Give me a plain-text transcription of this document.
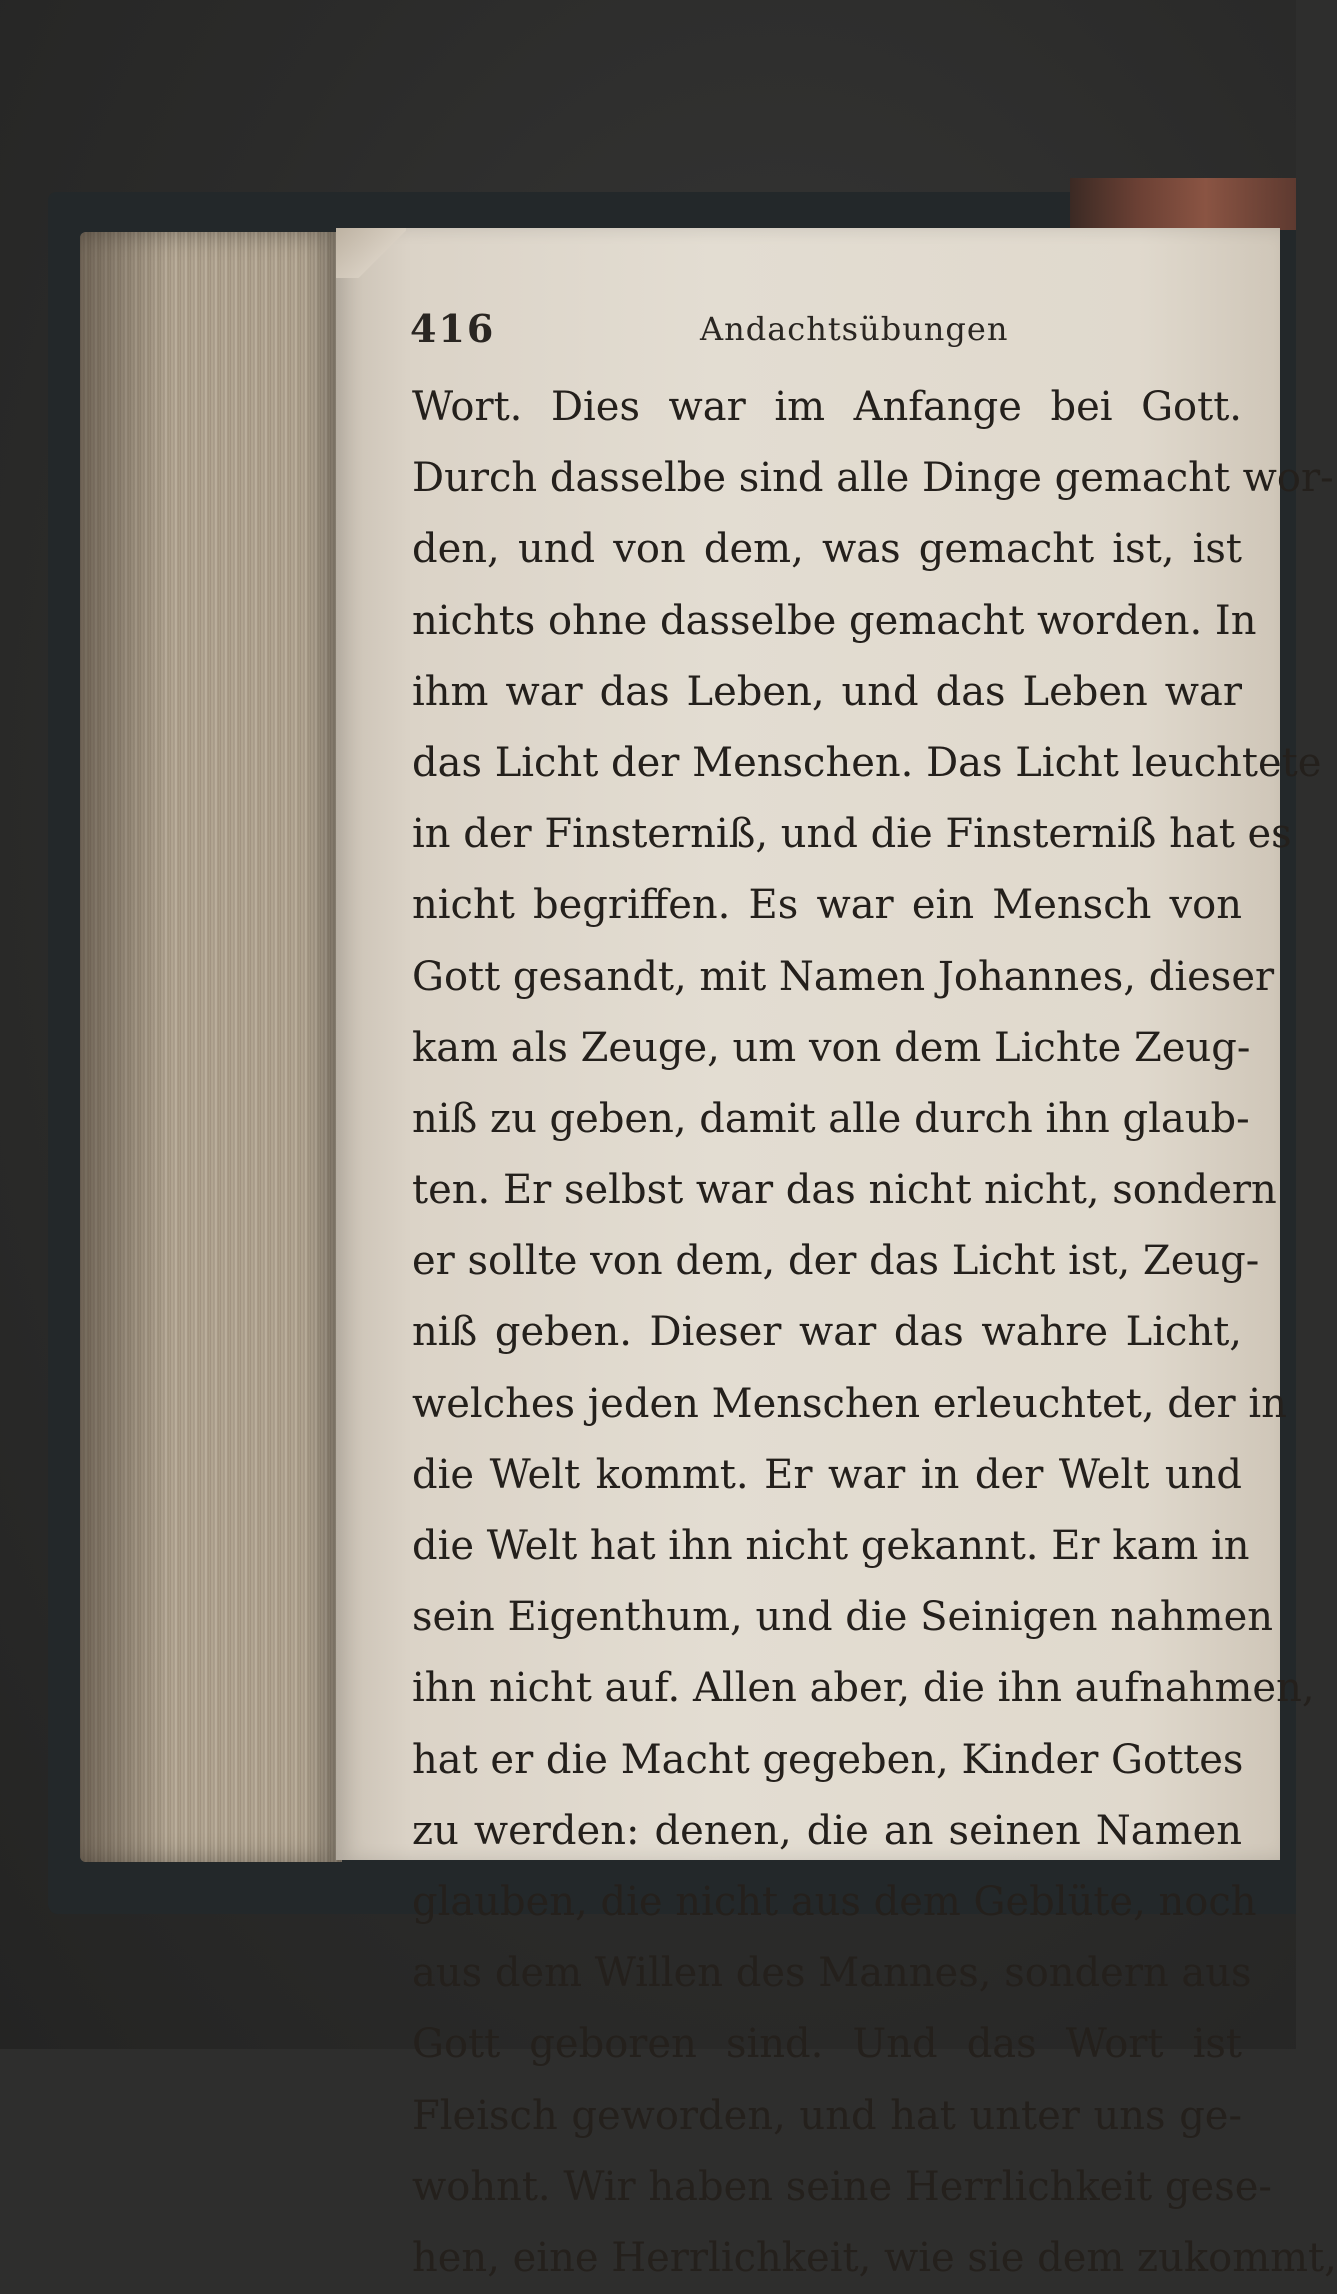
416	Andachtsübungen
Wort. Dies war im Anfange bei Gott.
Durch dasselbe sind alle Dinge gemacht wor-
den, und von dem, was gemacht ist, ist
nichts ohne dasselbe gemacht worden. In
ihm war das Leben, und das Leben war
das Licht der Menschen. Das Licht leuchtete
in der Finsterniß, und die Finsterniß hat es
nicht begriffen. Es war ein Mensch von
Gott gesandt, mit Namen Johannes, dieser
kam als Zeuge, um von dem Lichte Zeug-
niß zu geben, damit alle durch ihn glaub-
ten. Er selbst war das nicht nicht, sondern
er sollte von dem, der das Licht ist, Zeug-
niß geben. Dieser war das wahre Licht,
welches jeden Menschen erleuchtet, der in
die Welt kommt. Er war in der Welt und
die Welt hat ihn nicht gekannt. Er kam in
sein Eigenthum, und die Seinigen nahmen
ihn nicht auf. Allen aber, die ihn aufnahmen,
hat er die Macht gegeben, Kinder Gottes
zu werden: denen, die an seinen Namen
glauben, die nicht aus dem Geblüte, noch
aus dem Willen des Mannes, sondern aus
Gott geboren sind. Und das Wort ist
Fleisch geworden, und hat unter uns ge-
wohnt. Wir haben seine Herrlichkeit gese-
hen, eine Herrlichkeit, wie sie dem zukommt,
